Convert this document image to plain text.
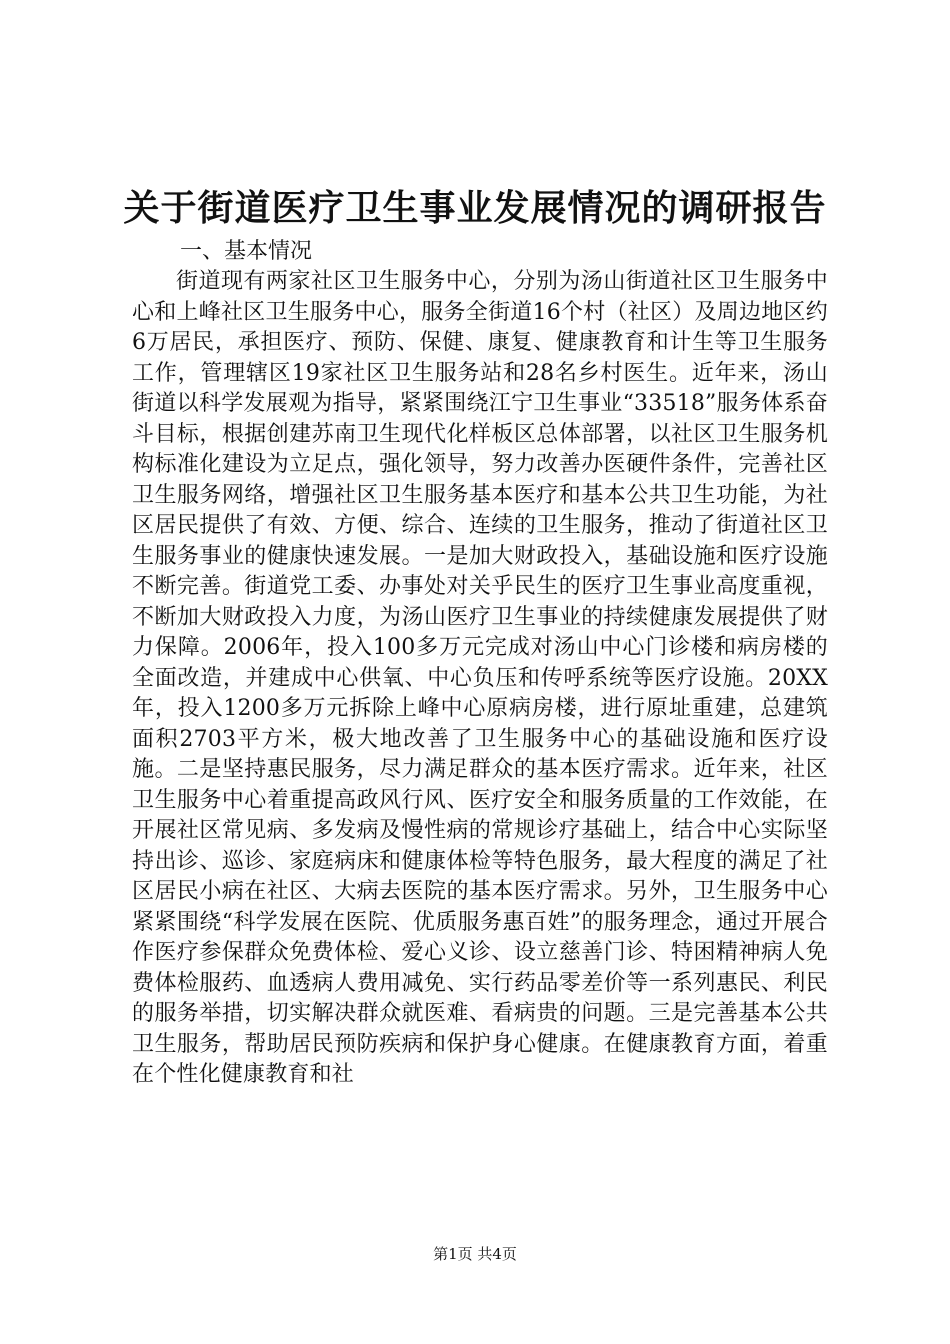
关于街道医疗卫生事业发展情况的调研报告

一、基本情况

街道现有两家社区卫生服务中心，分别为汤山街道社区卫生服务中心和上峰社区卫生服务中心，服务全街道16个村（社区）及周边地区约6万居民，承担医疗、预防、保健、康复、健康教育和计生等卫生服务工作，管理辖区19家社区卫生服务站和28名乡村医生。近年来，汤山街道以科学发展观为指导，紧紧围绕江宁卫生事业“33518”服务体系奋斗目标，根据创建苏南卫生现代化样板区总体部署，以社区卫生服务机构标准化建设为立足点，强化领导，努力改善办医硬件条件，完善社区卫生服务网络，增强社区卫生服务基本医疗和基本公共卫生功能，为社区居民提供了有效、方便、综合、连续的卫生服务，推动了街道社区卫生服务事业的健康快速发展。一是加大财政投入，基础设施和医疗设施不断完善。街道党工委、办事处对关乎民生的医疗卫生事业高度重视，不断加大财政投入力度，为汤山医疗卫生事业的持续健康发展提供了财力保障。2006年，投入100多万元完成对汤山中心门诊楼和病房楼的全面改造，并建成中心供氧、中心负压和传呼系统等医疗设施。20XX年，投入1200多万元拆除上峰中心原病房楼，进行原址重建，总建筑面积2703平方米，极大地改善了卫生服务中心的基础设施和医疗设施。二是坚持惠民服务，尽力满足群众的基本医疗需求。近年来，社区卫生服务中心着重提高政风行风、医疗安全和服务质量的工作效能，在开展社区常见病、多发病及慢性病的常规诊疗基础上，结合中心实际坚持出诊、巡诊、家庭病床和健康体检等特色服务，最大程度的满足了社区居民小病在社区、大病去医院的基本医疗需求。另外，卫生服务中心紧紧围绕“科学发展在医院、优质服务惠百姓”的服务理念，通过开展合作医疗参保群众免费体检、爱心义诊、设立慈善门诊、特困精神病人免费体检服药、血透病人费用减免、实行药品零差价等一系列惠民、利民的服务举措，切实解决群众就医难、看病贵的问题。三是完善基本公共卫生服务，帮助居民预防疾病和保护身心健康。在健康教育方面，着重在个性化健康教育和社

第1页 共4页
